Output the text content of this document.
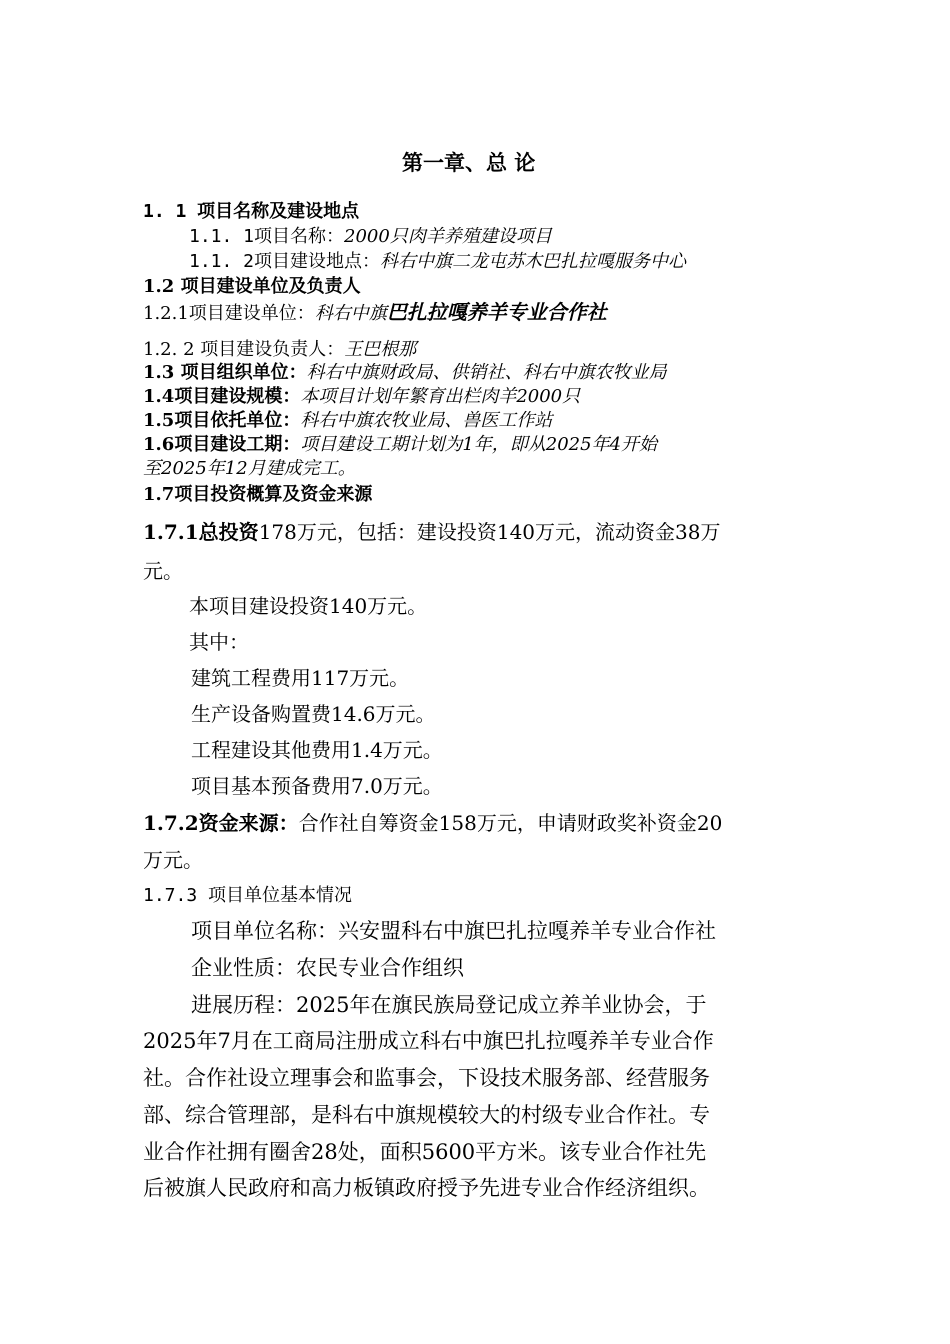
第一章、总 论
1. 1 项目名称及建设地点
1.1. 1项目名称：2000只肉羊养殖建设项目
1.1. 2项目建设地点：科右中旗二龙屯苏木巴扎拉嘎服务中心
1.2 项目建设单位及负责人
1.2.1项目建设单位：科右中旗巴扎拉嘎养羊专业合作社
1.2. 2 项目建设负责人：王巴根那
1.3 项目组织单位：科右中旗财政局、供销社、科右中旗农牧业局
1.4项目建设规模：本项目计划年繁育出栏肉羊2000只
1.5项目依托单位：科右中旗农牧业局、兽医工作站
1.6项目建设工期：项目建设工期计划为1年，即从2025年4开始
至2025年12月建成完工。
1.7项目投资概算及资金来源
1.7.1总投资178万元，包括：建设投资140万元，流动资金38万
元。
本项目建设投资140万元。
其中：
建筑工程费用117万元。
生产设备购置费14.6万元。
工程建设其他费用1.4万元。
项目基本预备费用7.0万元。
1.7.2资金来源：合作社自筹资金158万元，申请财政奖补资金20
万元。
1.7.3 项目单位基本情况
项目单位名称：兴安盟科右中旗巴扎拉嘎养羊专业合作社
企业性质：农民专业合作组织
进展历程：2025年在旗民族局登记成立养羊业协会，于
2025年7月在工商局注册成立科右中旗巴扎拉嘎养羊专业合作
社。合作社设立理事会和监事会，下设技术服务部、经营服务
部、综合管理部，是科右中旗规模较大的村级专业合作社。专
业合作社拥有圈舍28处，面积5600平方米。该专业合作社先
后被旗人民政府和高力板镇政府授予先进专业合作经济组织。
